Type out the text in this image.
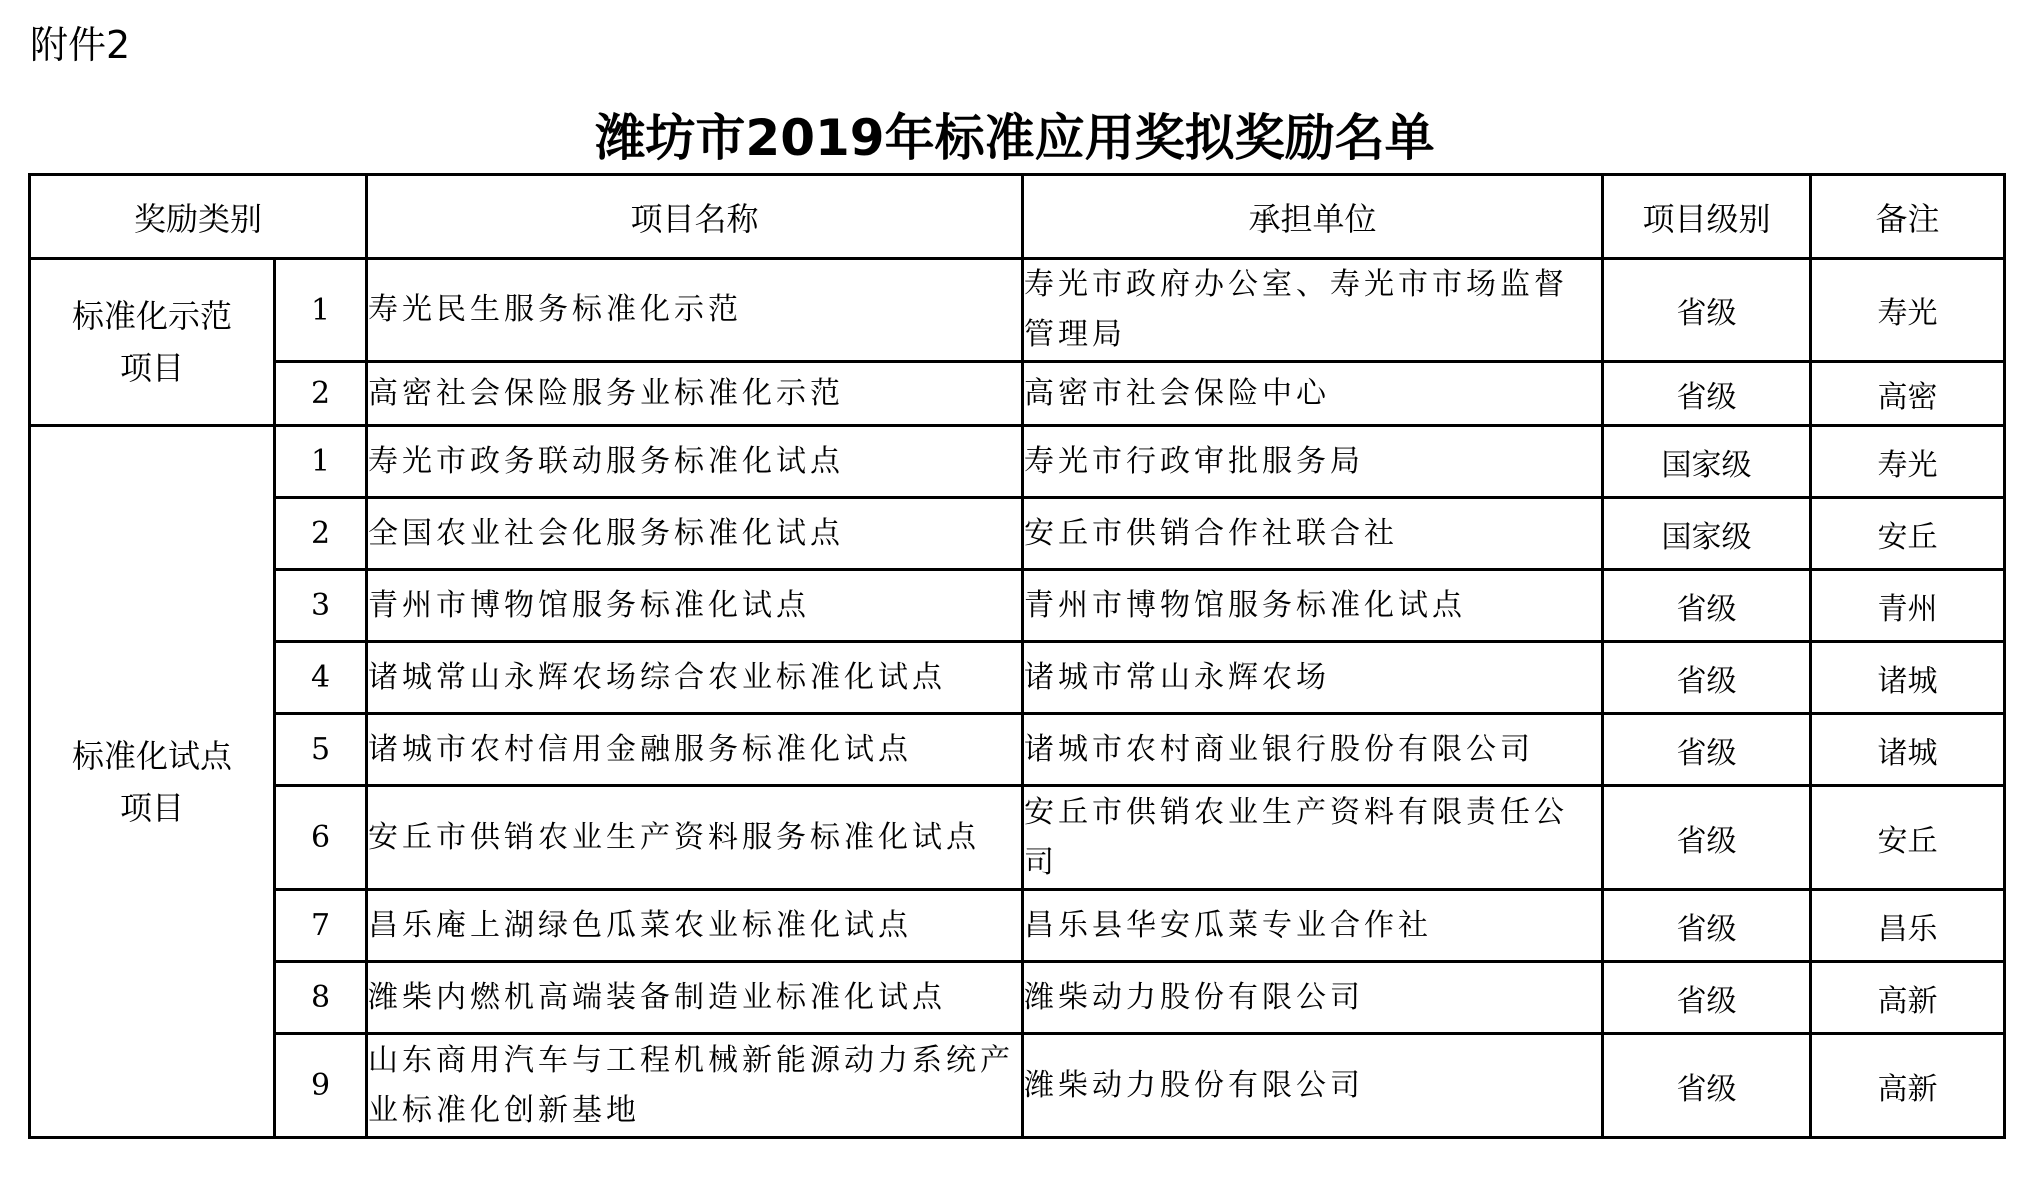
附件2
潍坊市2019年标准应用奖拟奖励名单
奖励类别		项目名称	承担单位	项目级别	备注
标准化示范项目	1	寿光民生服务标准化示范	寿光市政府办公室、寿光市市场监督管理局	省级	寿光
	2	高密社会保险服务业标准化示范	高密市社会保险中心	省级	高密
标准化试点项目	1	寿光市政务联动服务标准化试点	寿光市行政审批服务局	国家级	寿光
	2	全国农业社会化服务标准化试点	安丘市供销合作社联合社	国家级	安丘
	3	青州市博物馆服务标准化试点	青州市博物馆服务标准化试点	省级	青州
	4	诸城常山永辉农场综合农业标准化试点	诸城市常山永辉农场	省级	诸城
	5	诸城市农村信用金融服务标准化试点	诸城市农村商业银行股份有限公司	省级	诸城
	6	安丘市供销农业生产资料服务标准化试点	安丘市供销农业生产资料有限责任公司	省级	安丘
	7	昌乐庵上湖绿色瓜菜农业标准化试点	昌乐县华安瓜菜专业合作社	省级	昌乐
	8	潍柴内燃机高端装备制造业标准化试点	潍柴动力股份有限公司	省级	高新
	9	山东商用汽车与工程机械新能源动力系统产业标准化创新基地	潍柴动力股份有限公司	省级	高新
